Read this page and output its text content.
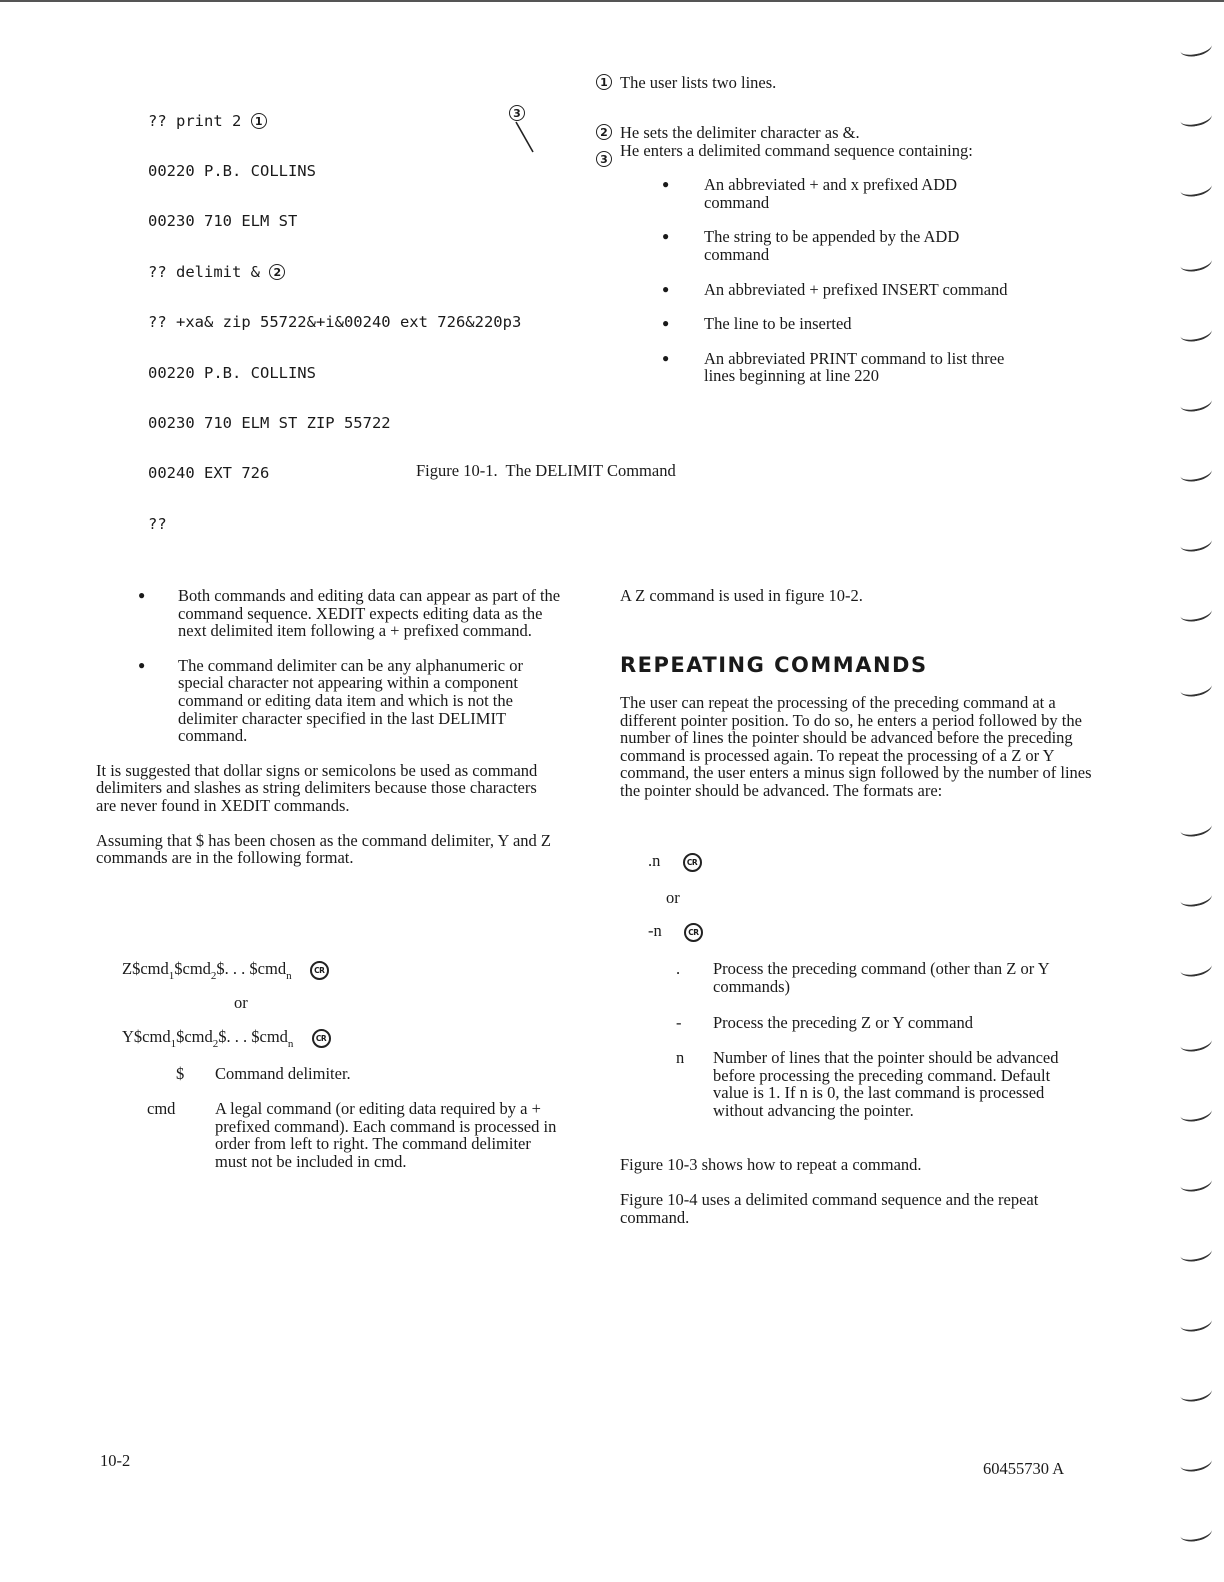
?? print 2 1

00220 P.B. COLLINS

00230 710 ELM ST

?? delimit & 2

?? +xa& zip 55722&+i&00240 ext 726&220p3

00220 P.B. COLLINS

00230 710 ELM ST ZIP 55722

00240 EXT 726

??

3
1 The user lists two lines.
2 He sets the delimiter character as &.
3 He enters a delimited command sequence containing:
● An abbreviated + and x prefixed ADD command
● The string to be appended by the ADD command
● An abbreviated + prefixed INSERT command
● The line to be inserted
● An abbreviated PRINT command to list three lines beginning at line 220
Figure 10-1.  The DELIMIT Command
● Both commands and editing data can appear as part of the command sequence. XEDIT expects editing data as the next delimited item following a + prefixed command.
● The command delimiter can be any alphanumeric or special character not appearing within a component command or editing data item and which is not the delimiter character specified in the last DELIMIT command.

It is suggested that dollar signs or semicolons be used as command delimiters and slashes as string delimiters because those characters are never found in XEDIT commands.

Assuming that $ has been chosen as the command delimiter, Y and Z commands are in the following format.

Z$cmd$_1$\$cmd$_2$\$. . . $cmd$_n$	CR
or
Y$cmd$_1$\$cmd$_2$\$. . . $cmd$_n$	CR
$ Command delimiter.
cmd A legal command (or editing data required by a + prefixed command). Each command is processed in order from left to right. The command delimiter must not be included in cmd.
A Z command is used in figure 10-2.
REPEATING COMMANDS
The user can repeat the processing of the preceding command at a different pointer position. To do so, he enters a period followed by the number of lines the pointer should be advanced before the preceding command is processed again. To repeat the processing of a Z or Y command, the user enters a minus sign followed by the number of lines the pointer should be advanced. The formats are:
.n	CR
or
-n	CR
. Process the preceding command (other than Z or Y commands)
- Process the preceding Z or Y command
n Number of lines that the pointer should be advanced before processing the preceding command. Default value is 1. If n is 0, the last command is processed without advancing the pointer.
Figure 10-3 shows how to repeat a command.
Figure 10-4 uses a delimited command sequence and the repeat command.
10-2	60455730 A
